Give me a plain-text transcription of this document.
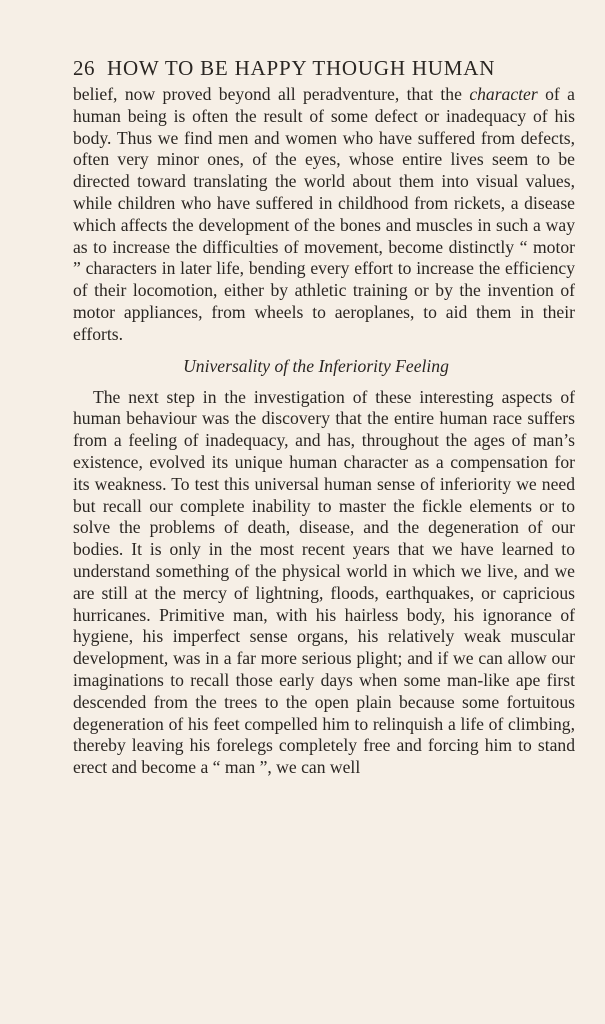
26 HOW TO BE HAPPY THOUGH HUMAN

belief, now proved beyond all peradventure, that the character of a human being is often the result of some defect or inadequacy of his body. Thus we find men and women who have suffered from defects, often very minor ones, of the eyes, whose entire lives seem to be directed toward translating the world about them into visual values, while children who have suffered in childhood from rickets, a disease which affects the development of the bones and muscles in such a way as to increase the difficulties of movement, become distinctly “ motor ” characters in later life, bending every effort to increase the efficiency of their locomotion, either by athletic training or by the invention of motor appliances, from wheels to aeroplanes, to aid them in their efforts.

Universality of the Inferiority Feeling

The next step in the investigation of these interesting aspects of human behaviour was the discovery that the entire human race suffers from a feeling of inadequacy, and has, throughout the ages of man’s existence, evolved its unique human character as a compensation for its weakness. To test this universal human sense of inferiority we need but recall our complete inability to master the fickle elements or to solve the problems of death, disease, and the degeneration of our bodies. It is only in the most recent years that we have learned to understand something of the physical world in which we live, and we are still at the mercy of lightning, floods, earthquakes, or capricious hurricanes. Primitive man, with his hairless body, his ignorance of hygiene, his imperfect sense organs, his relatively weak muscular development, was in a far more serious plight; and if we can allow our imaginations to recall those early days when some man-like ape first descended from the trees to the open plain because some fortuitous degeneration of his feet compelled him to relinquish a life of climbing, thereby leaving his forelegs completely free and forcing him to stand erect and become a “ man ”, we can well
